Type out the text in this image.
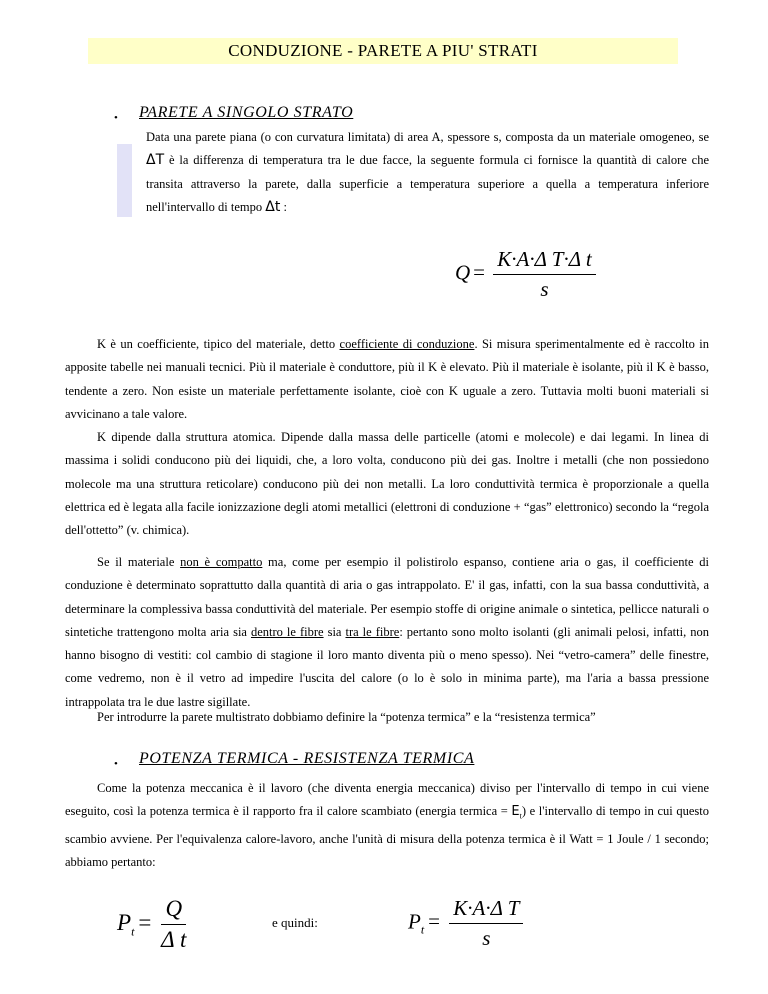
CONDUZIONE - PARETE A PIU' STRATI
• PARETE A SINGOLO STRATO

Data una parete piana (o con curvatura limitata) di area A, spessore s, composta da un materiale omogeneo, se ΔT è la differenza di temperatura tra le due facce, la seguente formula ci fornisce la quantità di calore che transita attraverso la parete, dalla superficie a temperatura superiore a quella a temperatura inferiore nell'intervallo di tempo Δt :

$Q = \frac{\text{K·A·Δ T·Δ t}}{s}$

K è un coefficiente, tipico del materiale, detto coefficiente di conduzione. Si misura sperimentalmente ed è raccolto in apposite tabelle nei manuali tecnici. Più il materiale è conduttore, più il K è elevato. Più il materiale è isolante, più il K è basso, tendente a zero. Non esiste un materiale perfettamente isolante, cioè con K uguale a zero. Tuttavia molti buoni materiali si avvicinano a tale valore.

K dipende dalla struttura atomica. Dipende dalla massa delle particelle (atomi e molecole) e dai legami. In linea di massima i solidi conducono più dei liquidi, che, a loro volta, conducono più dei gas. Inoltre i metalli (che non possiedono molecole ma una struttura reticolare) conducono più dei non metalli. La loro conduttività termica è proporzionale a quella elettrica ed è legata alla facile ionizzazione degli atomi metallici (elettroni di conduzione + “gas” elettronico) secondo la “regola dell'ottetto” (v. chimica).

Se il materiale non è compatto ma, come per esempio il polistirolo espanso, contiene aria o gas, il coefficiente di conduzione è determinato soprattutto dalla quantità di aria o gas intrappolato. E' il gas, infatti, con la sua bassa conduttività, a determinare la complessiva bassa conduttività del materiale. Per esempio stoffe di origine animale o sintetica, pellicce naturali o sintetiche trattengono molta aria sia dentro le fibre sia tra le fibre: pertanto sono molto isolanti (gli animali pelosi, infatti, non hanno bisogno di vestiti: col cambio di stagione il loro manto diventa più o meno spesso). Nei “vetro-camera” delle finestre, come vedremo, non è il vetro ad impedire l'uscita del calore (o lo è solo in minima parte), ma l'aria a bassa pressione intrappolata tra le due lastre sigillate.

Per introdurre la parete multistrato dobbiamo definire la “potenza termica” e la “resistenza termica”

• POTENZA TERMICA - RESISTENZA TERMICA

Come la potenza meccanica è il lavoro (che diventa energia meccanica) diviso per l'intervallo di tempo in cui viene eseguito, così la potenza termica è il rapporto fra il calore scambiato (energia termica = $E_t$) e l'intervallo di tempo in cui questo scambio avviene. Per l'equivalenza calore-lavoro, anche l'unità di misura della potenza termica è il Watt = 1 Joule / 1 secondo; abbiamo pertanto:

$P_t = \frac{Q}{\text{Δ t}}$	e quindi:	$P_t = \frac{\text{K·A·Δ T}}{s}$
